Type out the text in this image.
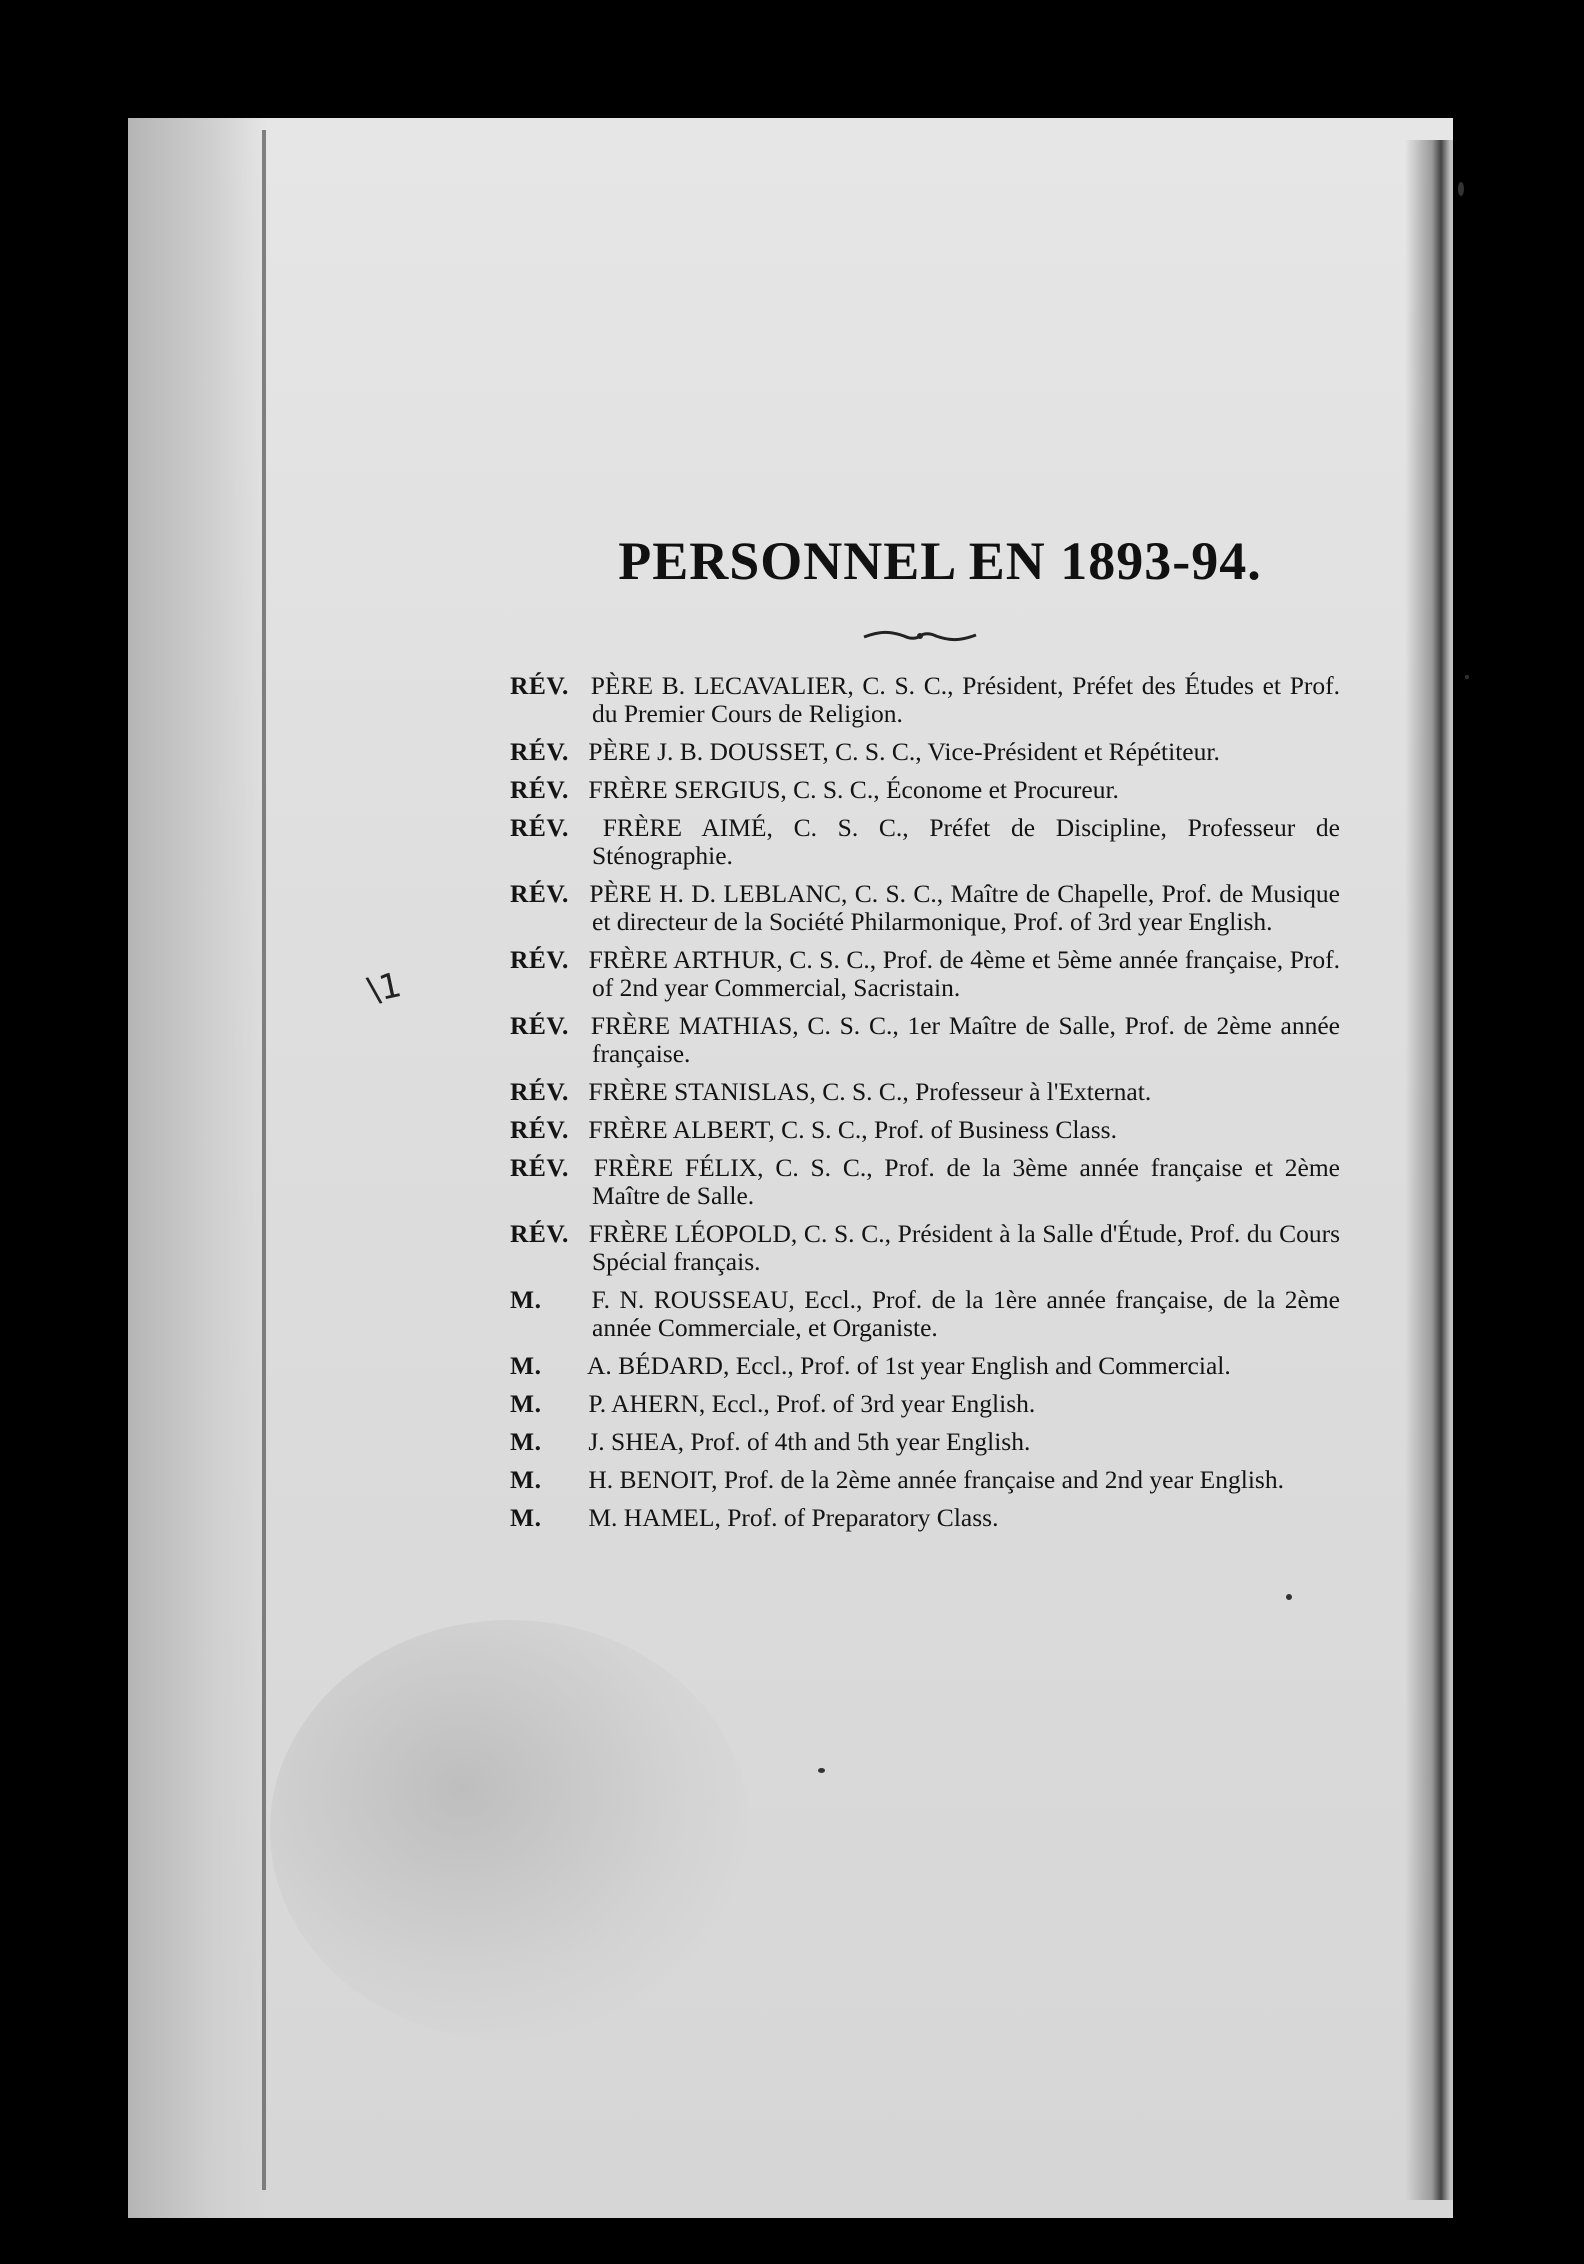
PERSONNEL EN 1893-94.
\1
RÉV. PÈRE B. LECAVALIER, C. S. C., Président, Préfet des Études et Prof. du Premier Cours de Religion.
RÉV. PÈRE J. B. DOUSSET, C. S. C., Vice-Président et Répétiteur.
RÉV. FRÈRE SERGIUS, C. S. C., Économe et Procureur.
RÉV. FRÈRE AIMÉ, C. S. C., Préfet de Discipline, Professeur de Sténographie.
RÉV. PÈRE H. D. LEBLANC, C. S. C., Maître de Chapelle, Prof. de Musique et directeur de la Société Philarmonique, Prof. of 3rd year English.
RÉV. FRÈRE ARTHUR, C. S. C., Prof. de 4ème et 5ème année française, Prof. of 2nd year Commercial, Sacristain.
RÉV. FRÈRE MATHIAS, C. S. C., 1er Maître de Salle, Prof. de 2ème année française.
RÉV. FRÈRE STANISLAS, C. S. C., Professeur à l'Externat.
RÉV. FRÈRE ALBERT, C. S. C., Prof. of Business Class.
RÉV. FRÈRE FÉLIX, C. S. C., Prof. de la 3ème année française et 2ème Maître de Salle.
RÉV. FRÈRE LÉOPOLD, C. S. C., Président à la Salle d'Étude, Prof. du Cours Spécial français.
M. F. N. ROUSSEAU, Eccl., Prof. de la 1ère année française, de la 2ème année Commerciale, et Organiste.
M. A. BÉDARD, Eccl., Prof. of 1st year English and Commercial.
M. P. AHERN, Eccl., Prof. of 3rd year English.
M. J. SHEA, Prof. of 4th and 5th year English.
M. H. BENOIT, Prof. de la 2ème année française and 2nd year English.
M. M. HAMEL, Prof. of Preparatory Class.
